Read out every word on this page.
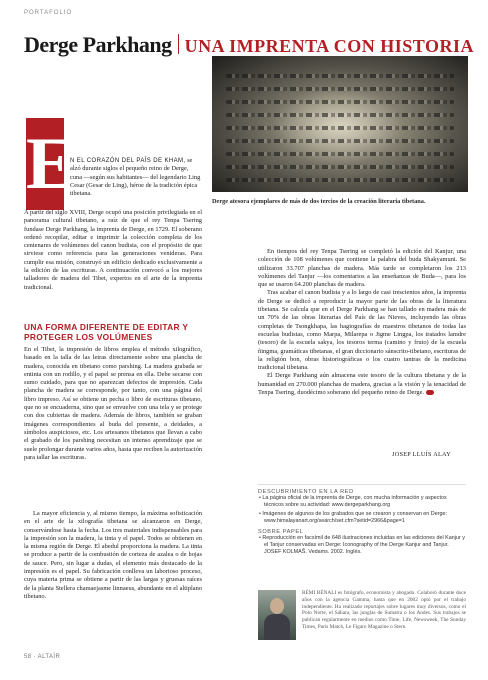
PORTAFOLIO
Derge Parkhang UNA IMPRENTA CON HISTORIA
Derge atesora ejemplares de más de dos tercios de la creación literaria tibetana.
E

N EL CORAZÓN DEL PAÍS DE KHAM, se alzó durante siglos el pequeño reino de Derge, cuna —según sus habitantes— del legendario Ling Cesar (Gesar de Ling), héroe de la tradición épica tibetana.

A partir del siglo XVIII, Derge ocupó una posición privilegiada en el panorama cultural tibetano, a raíz de que el rey Tenpa Tsering fundase Derge Parkhang, la imprenta de Derge, en 1729. El soberano ordenó recopilar, editar e imprimir la colección completa de los centenares de volúmenes del canon budista, con el propósito de que sirviese como referencia para las generaciones venideras. Para cumplir esa misión, construyó un edificio dedicado exclusivamente a la edición de las escrituras. A continuación convocó a los mejores talladores de madera del Tibet, expertos en el arte de la imprenta tradicional.

UNA FORMA DIFERENTE DE EDITAR Y PROTEGER LOS VOLÚMENES

En el Tibet, la impresión de libros emplea el método xilográfico, basado en la talla de las letras directamente sobre una plancha de madera, conocida en tibetano como parshing. La madera grabada se entinta con un rodillo, y el papel se prensa en ella. Debe secarse con sumo cuidado, para que no aparezcan defectos de impresión. Cada plancha de madera se corresponde, por tanto, con una página del libro impreso. Así se obtiene un pecha o libro de escrituras tibetano, que no se encuaderna, sino que se envuelve con una tela y se protege con dos cubiertas de madera. Además de libros, también se graban imágenes correspondientes al buda del presente, a deidades, a símbolos auspiciosos, etc. Los artesanos tibetanos que llevan a cabo el grabado de los parshing necesitan un intenso aprendizaje que se suele prolongar durante varios años, hasta que reciben la autorización para tallar las escrituras.

La mayor eficiencia y, al mismo tiempo, la máxima sofisticación en el arte de la xilografía tibetana se alcanzaron en Derge, conservándose hasta la fecha. Los tres materiales indispensables para la impresión son la madera, la tinta y el papel. Todos se obtienen en la misma región de Derge. El abedul proporciona la madera. La tinta se produce a partir de la combustión de corteza de azalea o de hojas de sauce. Pero, sin lugar a dudas, el elemento más destacado de la impresión es el papel. Su fabricación conlleva un laborioso proceso, cuya materia prima se obtiene a partir de las largas y gruesas raíces de la planta Stellera chamaejasme linnaeus, abundante en el altiplano tibetano.

En tiempos del rey Tenpa Tsering se completó la edición del Kanjur, una colección de 108 volúmenes que contiene la palabra del buda Shakyamuni. Se utilizaron 33.707 planchas de madera. Más tarde se completaron los 213 volúmenes del Tanjur —los comentarios a las enseñanzas de Buda—, para los que se usaron 64.200 planchas de madera.

Tras acabar el canon budista y a lo largo de casi trescientos años, la imprenta de Derge se dedicó a reproducir la mayor parte de las obras de la literatura tibetana. Se calcula que en el Derge Parkhang se han tallado en madera más de un 70% de las obras literarias del País de las Nieves, incluyendo las obras completas de Tsongkhapa, las hagiografías de maestros tibetanos de todas las escuelas budistas, como Marpa, Milarepa o Jigme Lingpa, los tratados lamdre (tesoro) de la escuela sakya, los tesoros terma (camino y fruto) de la escuela ñingma, gramáticas tibetanas, el gran diccionario sánscrito-tibetano, escrituras de la religión bon, obras historiográficas o los cuatro tantras de la medicina tradicional tibetana.

El Derge Parkhang aún almacena este tesoro de la cultura tibetana y de la humanidad en 270.000 planchas de madera, gracias a la visión y la tenacidad de Tenpa Tsering, duodécimo soberano del pequeño reino de Derge.

JOSEP LLUÍS ALAY
DESCUBRIMIENTO EN LA RED
• La página oficial de la imprenta de Derge, con mucha información y aspectos técnicos sobre su actividad: www.dergeparkhang.org
• Imágenes de algunos de los grabados que se crearon y conservan en Derge: www.himalayanart.org/search/set.cfm?setid=2966&page=1
SOBRE PAPEL
• Reproducción en facsímil de 648 ilustraciones incluidas en las ediciones del Kanjur y el Tanjur conservadas en Derge: Iconography of the Derge Kanjur and Tanjur. JOSEF KOLMAŠ. Vedams. 2002. Inglés.
RÉMI BÉNALI es fotógrafo, economista y abogado. Colaboró durante doce años con la agencia Gamma, hasta que en 2002 optó por el trabajo independiente. Ha realizado reportajes sobre lugares muy diversos, como el Polo Norte, el Sáhara, las junglas de Sumatra o los Andes. Sus trabajos se publican regularmente en medios como Time, Life, Newsweek, The Sunday Times, Paris Match, Le Figaro Magazine o Stern.
58 · ALTAÏR
